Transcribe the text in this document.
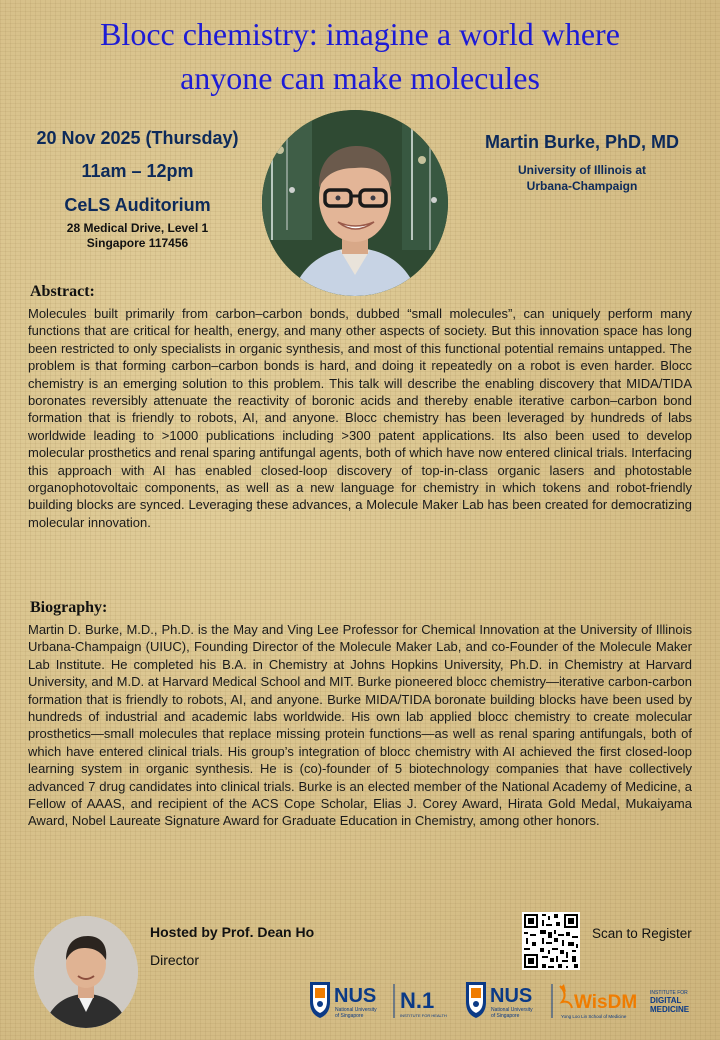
Blocc chemistry: imagine a world where
anyone can make molecules
20 Nov 2025 (Thursday)
11am – 12pm
CeLS Auditorium
28 Medical Drive, Level 1
Singapore 117456
Martin Burke, PhD, MD
University of Illinois at
Urbana-Champaign
Abstract:

Molecules built primarily from carbon–carbon bonds, dubbed “small molecules”, can uniquely perform many functions that are critical for health, energy, and many other aspects of society. But this innovation space has long been restricted to only specialists in organic synthesis, and most of this functional potential remains untapped. The problem is that forming carbon–carbon bonds is hard, and doing it repeatedly on a robot is even harder. Blocc chemistry is an emerging solution to this problem. This talk will describe the enabling discovery that MIDA/TIDA boronates reversibly attenuate the reactivity of boronic acids and thereby enable iterative carbon–carbon bond formation that is friendly to robots, AI, and anyone. Blocc chemistry has been leveraged by hundreds of labs worldwide leading to >1000 publications including >300 patent applications. Its also been used to develop molecular prosthetics and renal sparing antifungal agents, both of which have now entered clinical trials. Interfacing this approach with AI has enabled closed-loop discovery of top-in-class organic lasers and photostable organophotovoltaic components, as well as a new language for chemistry in which tokens and robot-friendly building blocks are synced. Leveraging these advances, a Molecule Maker Lab has been created for democratizing molecular innovation.

Biography:

Martin D. Burke, M.D., Ph.D. is the May and Ving Lee Professor for Chemical Innovation at the University of Illinois Urbana-Champaign (UIUC), Founding Director of the Molecule Maker Lab, and co-Founder of the Molecule Maker Lab Institute. He completed his B.A. in Chemistry at Johns Hopkins University, Ph.D. in Chemistry at Harvard University, and M.D. at Harvard Medical School and MIT. Burke pioneered blocc chemistry—iterative carbon-carbon formation that is friendly to robots, AI, and anyone. Burke MIDA/TIDA boronate building blocks have been used by hundreds of industrial and academic labs worldwide. His own lab applied blocc chemistry to create molecular prosthetics—small molecules that replace missing protein functions—as well as renal sparing antifungals, both of which have entered clinical trials. His group’s integration of blocc chemistry with AI achieved the first closed-loop learning system in organic synthesis. He is (co)-founder of 5 biotechnology companies that have collectively advanced 7 drug candidates into clinical trials. Burke is an elected member of the National Academy of Medicine, a Fellow of AAAS, and recipient of the ACS Cope Scholar, Elias J. Corey Award, Hirata Gold Medal, Mukaiyama Award, Nobel Laureate Signature Award for Graduate Education in Chemistry, among other honors.

Hosted by Prof. Dean Ho
Director
Scan to Register
NUS
National University
of Singapore
N.1
INSTITUTE FOR HEALTH
NUS
National University
of Singapore
WisDM
Yong Loo Lin School of Medicine
INSTITUTE FOR
DIGITAL
MEDICINE
